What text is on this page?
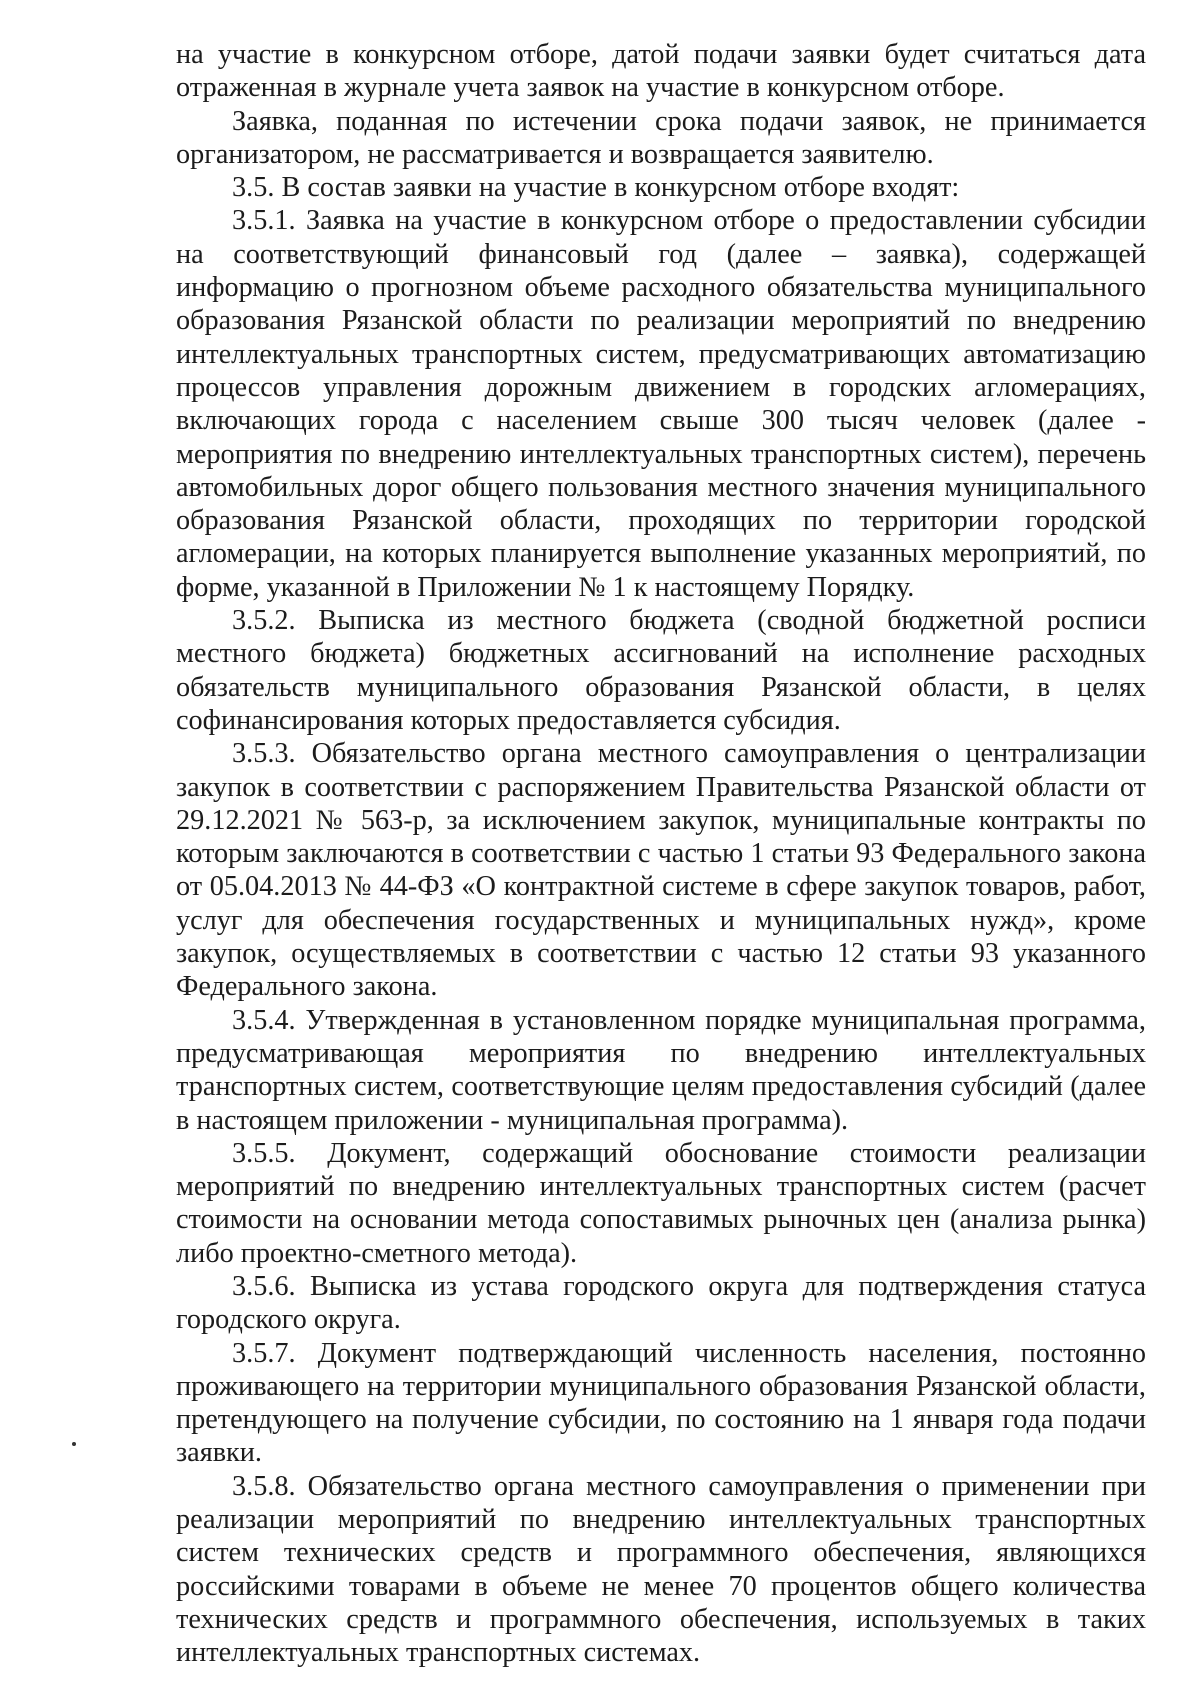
на участие в конкурсном отборе, датой подачи заявки будет считаться дата отраженная в журнале учета заявок на участие в конкурсном отборе.

Заявка, поданная по истечении срока подачи заявок, не принимается организатором, не рассматривается и возвращается заявителю.

3.5. В состав заявки на участие в конкурсном отборе входят:

3.5.1. Заявка на участие в конкурсном отборе о предоставлении субсидии на соответствующий финансовый год (далее – заявка), содержащей информацию о прогнозном объеме расходного обязательства муниципального образования Рязанской области по реализации мероприятий по внедрению интеллектуальных транспортных систем, предусматривающих автоматизацию процессов управления дорожным движением в городских агломерациях, включающих города с населением свыше 300 тысяч человек (далее - мероприятия по внедрению интеллектуальных транспортных систем), перечень автомобильных дорог общего пользования местного значения муниципального образования Рязанской области, проходящих по территории городской агломерации, на которых планируется выполнение указанных мероприятий, по форме, указанной в Приложении № 1 к настоящему Порядку.

3.5.2. Выписка из местного бюджета (сводной бюджетной росписи местного бюджета) бюджетных ассигнований на исполнение расходных обязательств муниципального образования Рязанской области, в целях софинансирования которых предоставляется субсидия.

3.5.3. Обязательство органа местного самоуправления о централизации закупок в соответствии с распоряжением Правительства Рязанской области от 29.12.2021 № 563-р, за исключением закупок, муниципальные контракты по которым заключаются в соответствии с частью 1 статьи 93 Федерального закона от 05.04.2013 № 44-ФЗ «О контрактной системе в сфере закупок товаров, работ, услуг для обеспечения государственных и муниципальных нужд», кроме закупок, осуществляемых в соответствии с частью 12 статьи 93 указанного Федерального закона.

3.5.4. Утвержденная в установленном порядке муниципальная программа, предусматривающая мероприятия по внедрению интеллектуальных транспортных систем, соответствующие целям предоставления субсидий (далее в настоящем приложении - муниципальная программа).

3.5.5. Документ, содержащий обоснование стоимости реализации мероприятий по внедрению интеллектуальных транспортных систем (расчет стоимости на основании метода сопоставимых рыночных цен (анализа рынка) либо проектно-сметного метода).

3.5.6. Выписка из устава городского округа для подтверждения статуса городского округа.

3.5.7. Документ подтверждающий численность населения, постоянно проживающего на территории муниципального образования Рязанской области, претендующего на получение субсидии, по состоянию на 1 января года подачи заявки.

3.5.8. Обязательство органа местного самоуправления о применении при реализации мероприятий по внедрению интеллектуальных транспортных систем технических средств и программного обеспечения, являющихся российскими товарами в объеме не менее 70 процентов общего количества технических средств и программного обеспечения, используемых в таких интеллектуальных транспортных системах.
